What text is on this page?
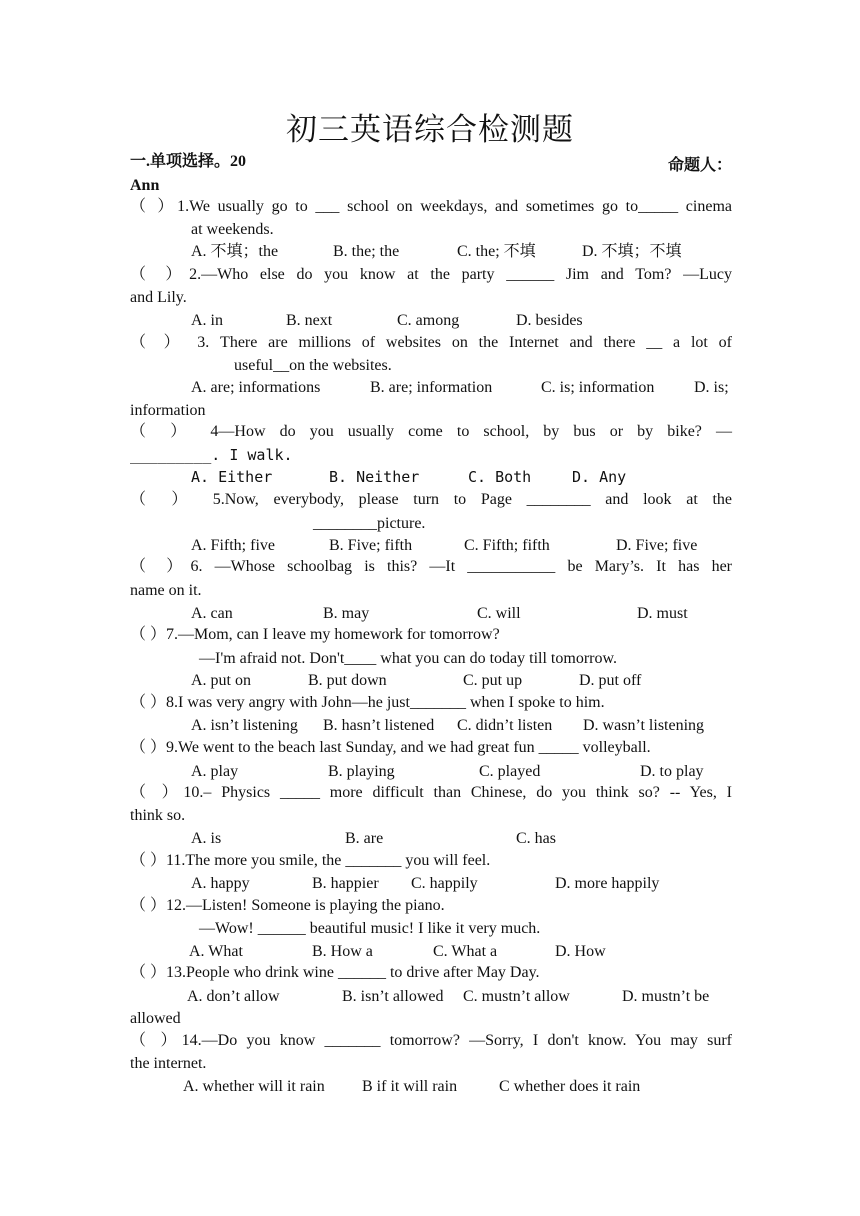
初三英语综合检测题
一.单项选择。20	命题人：
Ann
（ ）1.We usually go to ___ school on weekdays, and sometimes go to_____ cinema
at weekends.
A. 不填；the	B. the; the	C. the; 不填	D. 不填；不填
（ ）2.—Who else do you know at the party ______ Jim and Tom? —Lucy
and Lily.
A. in	B. next	C. among	D. besides
（ ） 3. There are millions of websites on the Internet and there __ a lot of
useful__on the websites.
A. are; informations	B. are; information	C. is; information D. is;
information
（ ） 4—How do you usually come to school, by bus or by bike? —
_________. I walk.
A. Either	B. Neither	C. Both	D. Any
（ ） 5.Now, everybody, please turn to Page ________ and look at the
________picture.
A. Fifth; five	B. Five; fifth	C. Fifth; fifth	D. Five; five
（ ）6. —Whose schoolbag is this? —It ___________ be Mary’s. It has her
name on it.
A. can	B. may	C. will	D. must
（ ）7.—Mom, can I leave my homework for tomorrow?
—I'm afraid not. Don't____ what you can do today till tomorrow.
A. put on	B. put down	C. put up	D. put off
（ ）8.I was very angry with John—he just_______ when I spoke to him.
A. isn’t listening B. hasn’t listened C. didn’t listen D. wasn’t listening
（ ）9.We went to the beach last Sunday, and we had great fun _____ volleyball.
A. play	B. playing	C. played	D. to play
（ ）10.– Physics _____ more difficult than Chinese, do you think so? -- Yes, I
think so.
A. is	B. are	C. has
（ ）11.The more you smile, the _______ you will feel.
A. happy	B. happier C. happily	D. more happily
（ ）12.—Listen! Someone is playing the piano.
—Wow! ______ beautiful music! I like it very much.
A. What	B. How a	C. What a	D. How
（ ）13.People who drink wine ______ to drive after May Day.
A. don’t allow	B. isn’t allowed C. mustn’t allow	D. mustn’t be
allowed
（ ）14.—Do you know _______ tomorrow? —Sorry, I don't know. You may surf
the internet.
A. whether will it rain B if it will rain	C whether does it rain
